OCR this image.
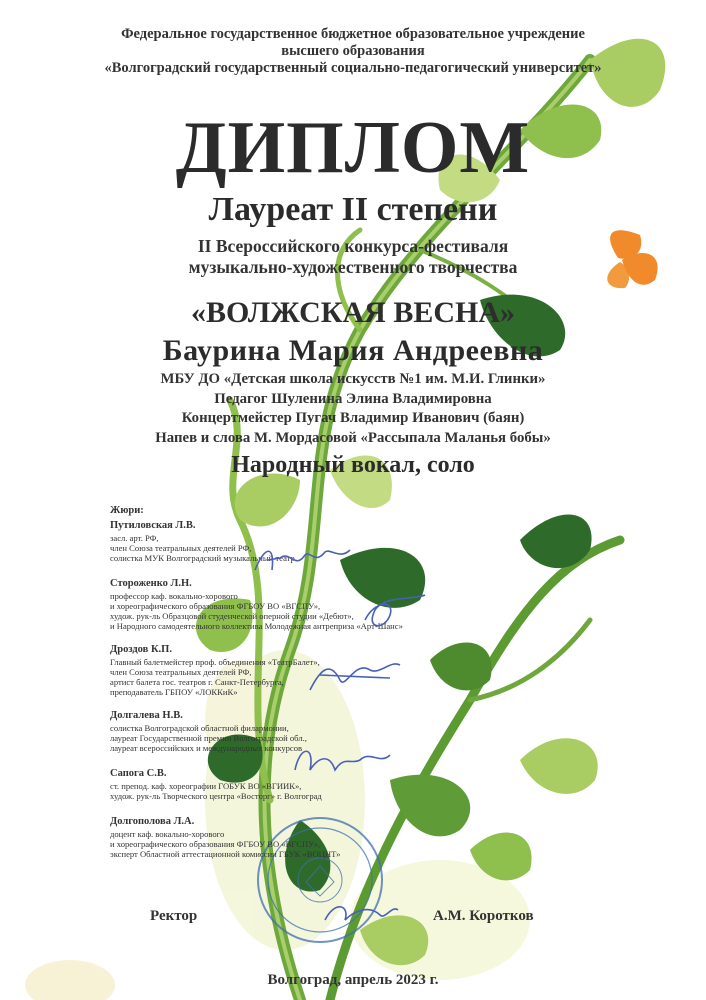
Федеральное государственное бюджетное образовательное учреждение
высшего образования
«Волгоградский государственный социально-педагогический университет»
ДИПЛОМ
Лауреат II степени
II Всероссийского конкурса-фестиваля
музыкально-художественного творчества
«ВОЛЖСКАЯ ВЕСНА»
Баурина Мария Андреевна
МБУ ДО «Детская школа искусств №1 им. М.И. Глинки»
Педагог Шуленина Элина Владимировна
Концертмейстер Пугач Владимир Иванович (баян)
Напев и слова М. Мордасовой «Рассыпала Маланья бобы»
Народный вокал, соло
Жюри:
Путиловская Л.В.
засл. арт. РФ,
член Союза театральных деятелей РФ,
солистка МУК Волгоградский музыкальный театр
Стороженко Л.Н.
профессор каф. вокально-хорового
и хореографического образования ФГБОУ ВО «ВГСПУ»,
худож. рук-ль Образцовой студенческой оперной студии «Дебют»,
и Народного самодеятельного коллектива Молодежная антреприза «Арт-Шанс»
Дроздов К.П.
Главный балетмейстер проф. объединения «ТеатрБалет»,
член Союза театральных деятелей РФ,
артист балета гос. театров г. Санкт-Петербурга,
преподаватель ГБПОУ «ЛОККиК»
Долгалева Н.В.
солистка Волгоградской областной филармонии,
лауреат Государственной премии Волгоградской обл.,
лауреат всероссийских и международных конкурсов
Сапога С.В.
ст. препод. каф. хореографии ГОБУК ВО «ВГИИК»,
худож. рук-ль Творческого центра «Восторг» г. Волгоград
Долгополова Л.А.
доцент каф. вокально-хорового
и хореографического образования ФГБОУ ВО «ВГСПУ»,
эксперт Областной аттестационной комиссии ГБУК «ВОЦНТ»
Ректор	А.М. Коротков
Волгоград, апрель 2023 г.
